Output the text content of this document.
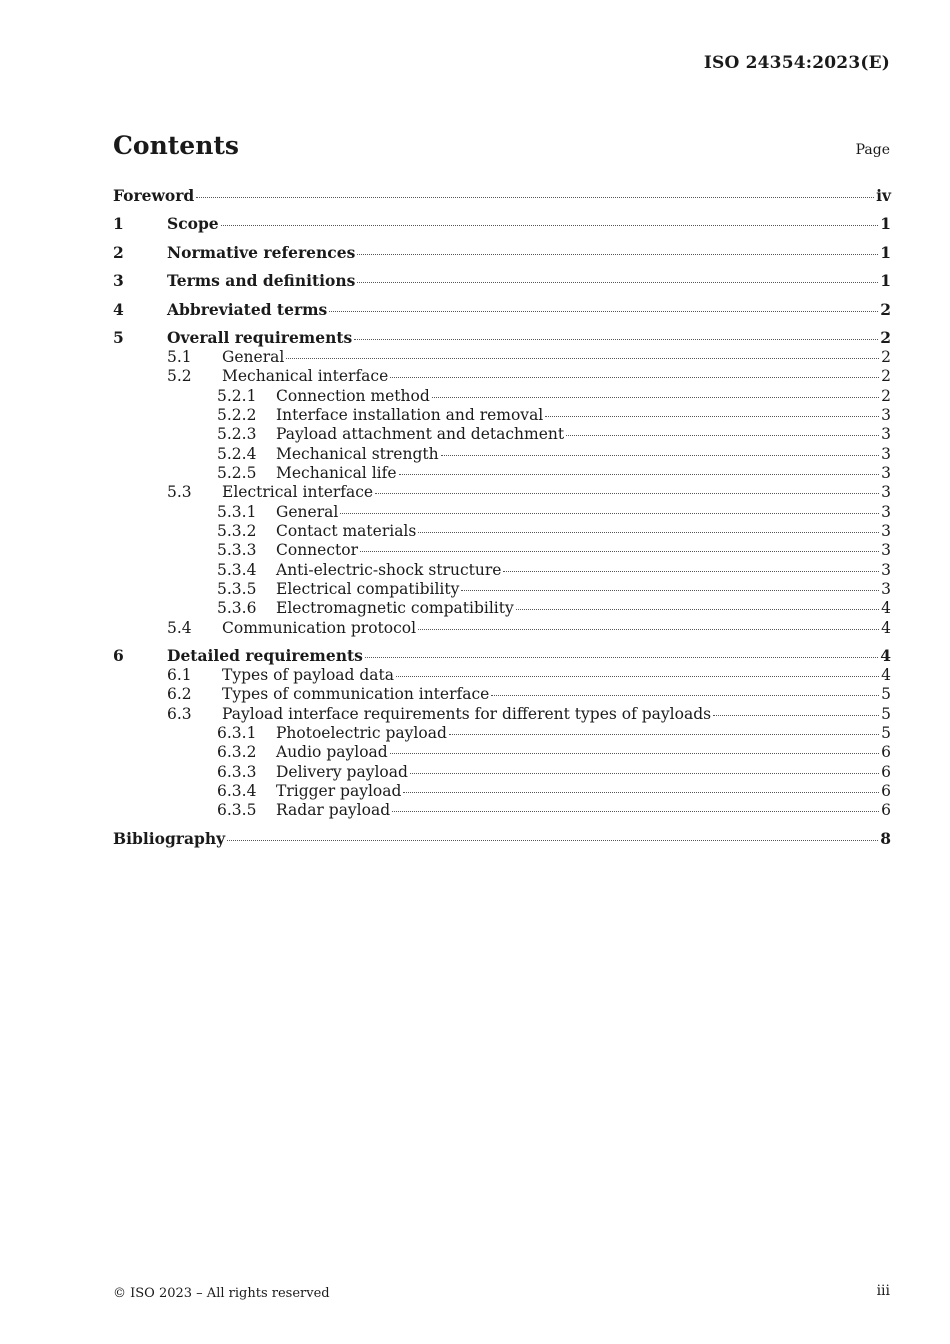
ISO 24354:2023(E)
Contents	Page
Foreword	iv
1	Scope	1
2	Normative references	1
3	Terms and definitions	1
4	Abbreviated terms	2
5	Overall requirements	2
5.1	General	2
5.2	Mechanical interface	2
5.2.1	Connection method	2
5.2.2	Interface installation and removal	3
5.2.3	Payload attachment and detachment	3
5.2.4	Mechanical strength	3
5.2.5	Mechanical life	3
5.3	Electrical interface	3
5.3.1	General	3
5.3.2	Contact materials	3
5.3.3	Connector	3
5.3.4	Anti-electric-shock structure	3
5.3.5	Electrical compatibility	3
5.3.6	Electromagnetic compatibility	4
5.4	Communication protocol	4
6	Detailed requirements	4
6.1	Types of payload data	4
6.2	Types of communication interface	5
6.3	Payload interface requirements for different types of payloads	5
6.3.1	Photoelectric payload	5
6.3.2	Audio payload	6
6.3.3	Delivery payload	6
6.3.4	Trigger payload	6
6.3.5	Radar payload	6
Bibliography	8
© ISO 2023 – All rights reserved	iii
